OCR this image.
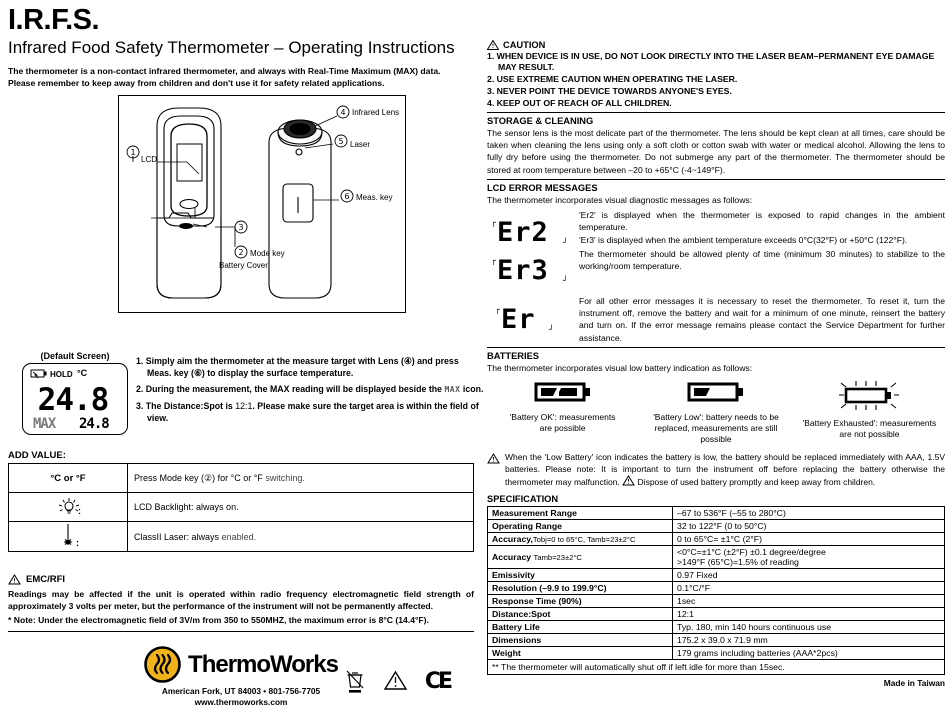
I.R.F.S.
Infrared Food Safety Thermometer – Operating Instructions
The thermometer is a non-contact infrared thermometer, and always with Real-Time Maximum (MAX) data.
Please remember to keep away from children and don't use it for safety related applications.
1
2
3
4
5
6
LCD
Mode key
Battery Cover
Infrared Lens
Laser
Meas. key
(Default Screen)
HOLD °C
24.8
MAX 24.8
1. Simply aim the thermometer at the measure target with Lens (④) and press Meas. key (⑥) to display the surface temperature.
2. During the measurement, the MAX reading will be displayed beside the MAX icon.
3. The Distance:Spot is 12:1. Please make sure the target area is within the field of view.
ADD VALUE:
°C or °F	Press Mode key (②) for °C or °F switching.

:	LCD Backlight: always on.

:	ClassII Laser: always enabled.
EMC/RFI
Readings may be affected if the unit is operated within radio frequency electromagnetic field strength of approximately 3 volts per meter, but the performance of the instrument will not be permanently affected.
* Note: Under the electromagnetic field of 3V/m from 350 to 550MHZ, the maximum error is 8°C (14.4°F).
ThermoWorks
American Fork, UT 84003 • 801-756-7705
www.thermoworks.com
CE
CAUTION
1. WHEN DEVICE IS IN USE, DO NOT LOOK DIRECTLY INTO THE LASER BEAM–PERMANENT EYE DAMAGE MAY RESULT.
2. USE EXTREME CAUTION WHEN OPERATING THE LASER.
3. NEVER POINT THE DEVICE TOWARDS ANYONE'S EYES.
4. KEEP OUT OF REACH OF ALL CHILDREN.
STORAGE & CLEANING
The sensor lens is the most delicate part of the thermometer. The lens should be kept clean at all times, care should be taken when cleaning the lens using only a soft cloth or cotton swab with water or medical alcohol. Allowing the lens to fully dry before using the thermometer. Do not submerge any part of the thermometer. The thermometer should be stored at room temperature between –20 to +65°C (-4~149°F).
LCD ERROR MESSAGES
The thermometer incorporates visual diagnostic messages as follows:
Er2
┌
┘
Er3
┌
┘
'Er2' is displayed when the thermometer is exposed to rapid changes in the ambient temperature.
'Er3' is displayed when the ambient temperature exceeds 0°C(32°F) or +50°C (122°F).
The thermometer should be allowed plenty of time (minimum 30 minutes) to stabilize to the working/room temperature.
Er
┌
┘
For all other error messages it is necessary to reset the thermometer. To reset it, turn the instrument off, remove the battery and wait for a minimum of one minute, reinsert the battery and turn on. If the error message remains please contact the Service Department for further assistance.
BATTERIES
The thermometer incorporates visual low battery indication as follows:
'Battery OK': measurements
are possible
'Battery Low': battery needs to be
replaced, measurements are still possible
'Battery Exhausted': measurements
are not possible
When the 'Low Battery' icon indicates the battery is low, the battery should be replaced immediately with AAA, 1.5V batteries. Please note: It is important to turn the instrument off before replacing the battery otherwise the thermometer may malfunction. Dispose of used battery promptly and keep away from children.
SPECIFICATION
Measurement Range	–67 to 536°F (–55 to 280°C)
Operating Range	32 to 122°F (0 to 50°C)
Accuracy,Tobj=0 to 65°C, Tamb=23±2°C	0 to 65°C= ±1°C (2°F)
Accuracy Tamb=23±2°C	<0°C=±1°C (±2°F) ±0.1 degree/degree
>149°F (65°C)=1.5% of reading

Emissivity	0.97 Fixed
Resolution (–9.9 to 199.9°C)	0.1°C/°F
Response Time (90%)	1sec
Distance:Spot	12:1
Battery Life	Typ. 180, min 140 hours continuous use
Dimensions	175.2 x 39.0 x 71.9 mm
Weight	179 grams including batteries (AAA*2pcs)
** The thermometer will automatically shut off if left idle for more than 15sec.	
Made in Taiwan
